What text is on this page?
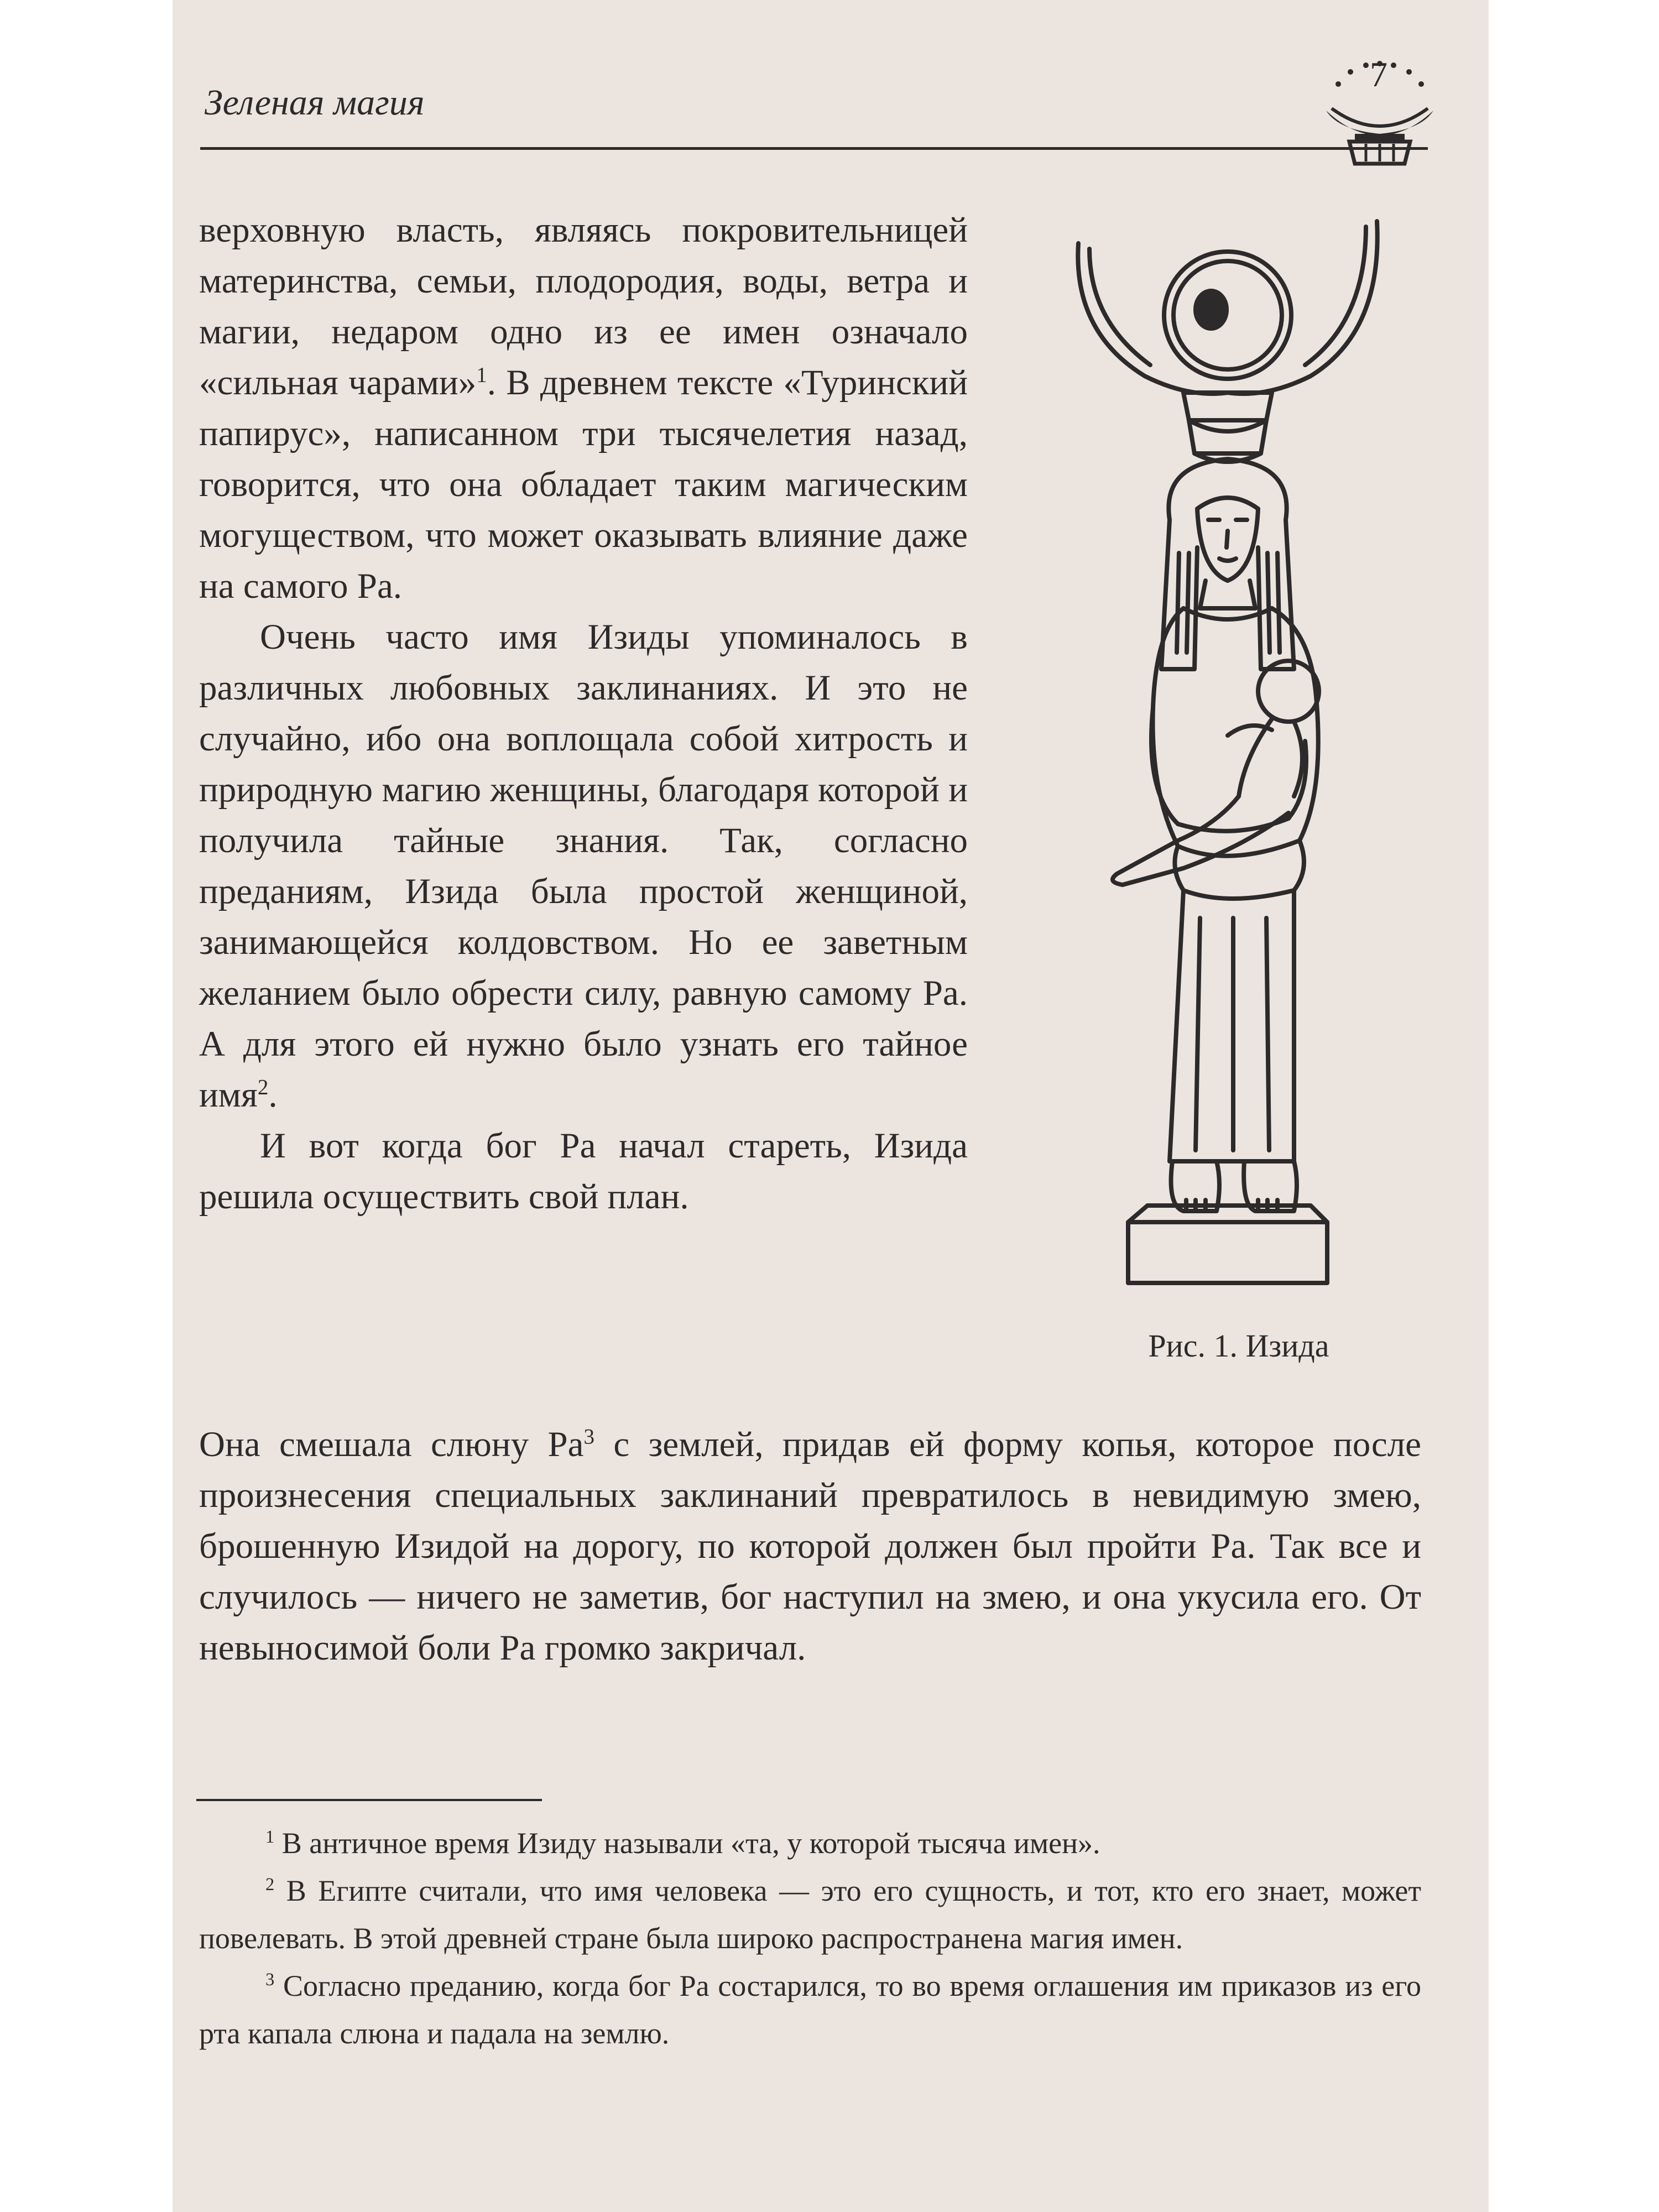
Зеленая магия
7

верховную власть, являясь покровительницей материнства, семьи, плодородия, воды, ветра и магии, недаром одно из ее имен означало «сильная чарами»$^1$. В древнем тексте «Туринский папирус», написанном три тысячелетия назад, говорится, что она обладает таким магическим могуществом, что может оказывать влияние даже на самого Ра.

Очень часто имя Изиды упоминалось в различных любовных заклинаниях. И это не случайно, ибо она воплощала собой хитрость и природную магию женщины, благодаря которой и получила тайные знания. Так, согласно преданиям, Изида была простой женщиной, занимающейся колдовством. Но ее заветным желанием было обрести силу, равную самому Ра. А для этого ей нужно было узнать его тайное имя$^2$.

И вот когда бог Ра начал стареть, Изида решила осуществить свой план.

Рис. 1. Изида

Она смешала слюну $Ра^3$ с землей, придав ей форму копья, которое после произнесения специальных заклинаний превратилось в невидимую змею, брошенную Изидой на дорогу, по которой должен был пройти Ра. Так все и случилось — ничего не заметив, бог наступил на змею, и она укусила его. От невыносимой боли Ра громко закричал.

$^1$ В античное время Изиду называли «та, у которой тысяча имен».

$^2$ В Египте считали, что имя человека — это его сущность, и тот, кто его знает, может повелевать. В этой древней стране была широко распространена магия имен.

$^3$ Согласно преданию, когда бог Ра состарился, то во время оглашения им приказов из его рта капала слюна и падала на землю.
